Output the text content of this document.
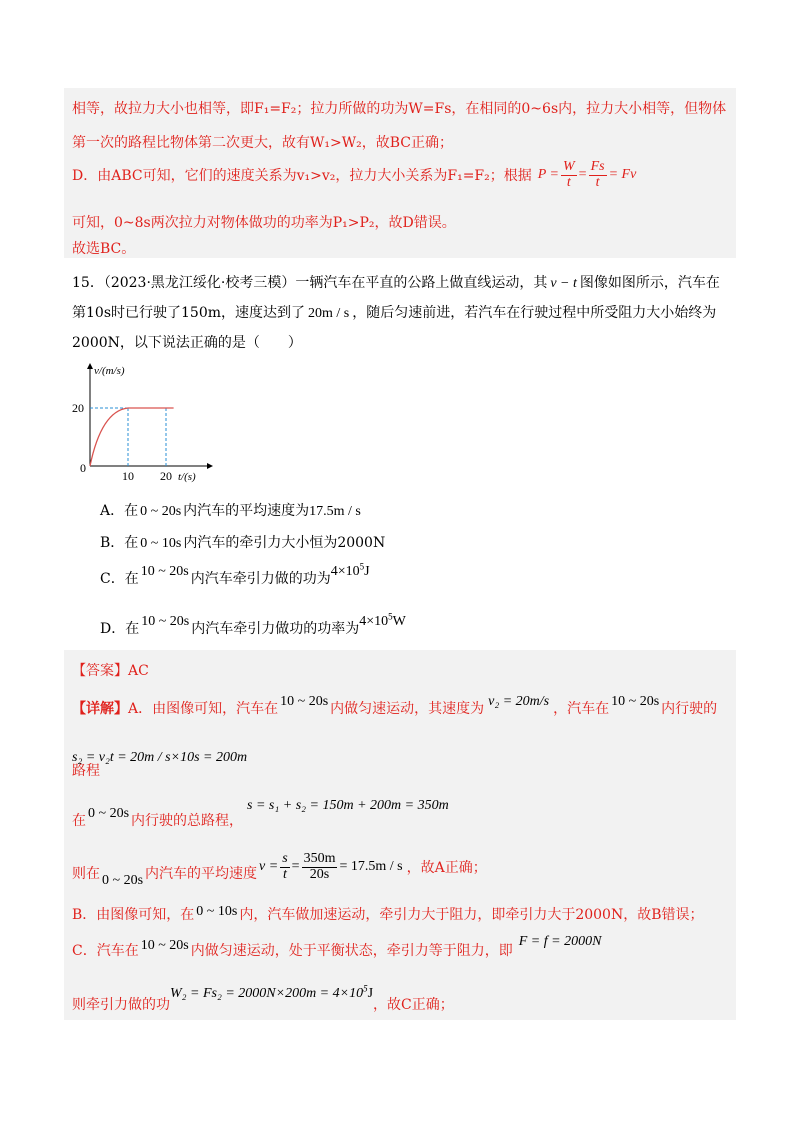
相等，故拉力大小也相等，即F₁=F₂；拉力所做的功为W=Fs，在相同的0~6s内，拉力大小相等，但物体
第一次的路程比物体第二次更大，故有W₁>W₂，故BC正确；
D．由ABC可知，它们的速度关系为v₁>v₂，拉力大小关系为F₁=F₂；根据 $P = \frac{W}{t} = \frac{Fs}{t} = Fv$
可知，0~8s两次拉力对物体做功的功率为P₁>P₂，故D错误。
故选BC。
15．（2023·黑龙江绥化·校考三模）一辆汽车在平直的公路上做直线运动，其 v − t 图像如图所示，汽车在
第10s时已行驶了150m，速度达到了 20m / s ，随后匀速前进，若汽车在行驶过程中所受阻力大小始终为
2000N，以下说法正确的是（　　）
v/(m/s)
20
0
10 20 t/(s)
A．在 0 ~ 20s 内汽车的平均速度为17.5m / s
B．在 0 ~ 10s 内汽车的牵引力大小恒为2000N
C．在 10 ~ 20s 内汽车牵引力做的功为$4\times 10^5J$
D．在 10 ~ 20s 内汽车牵引力做功的功率为$4\times 10^5W$
【答案】AC
【详解】A．由图像可知，汽车在 10 ~ 20s 内做匀速运动，其速度为 v₂ = 20m/s ，汽车在 10 ~ 20s 内行驶的
路程s₂ = v₂t = 20m / s×10s = 200m
在 0 ~ 20s 内行驶的总路程，s = s₁ + s₂ = 150m + 200m = 350m
则在 0 ~ 20s 内汽车的平均速度 $v = \frac{s}{t} = \frac{350m}{20s} = 17.5m / s$ ，故A正确；
B．由图像可知，在 0 ~ 10s 内，汽车做加速运动，牵引力大于阻力，即牵引力大于2000N，故B错误；
C．汽车在 10 ~ 20s 内做匀速运动，处于平衡状态，牵引力等于阻力，即F = f = 2000N
则牵引力做的功$W_2 = Fs_2 = 2000N\times 200m = 4\times 10^5J$，故C正确；
